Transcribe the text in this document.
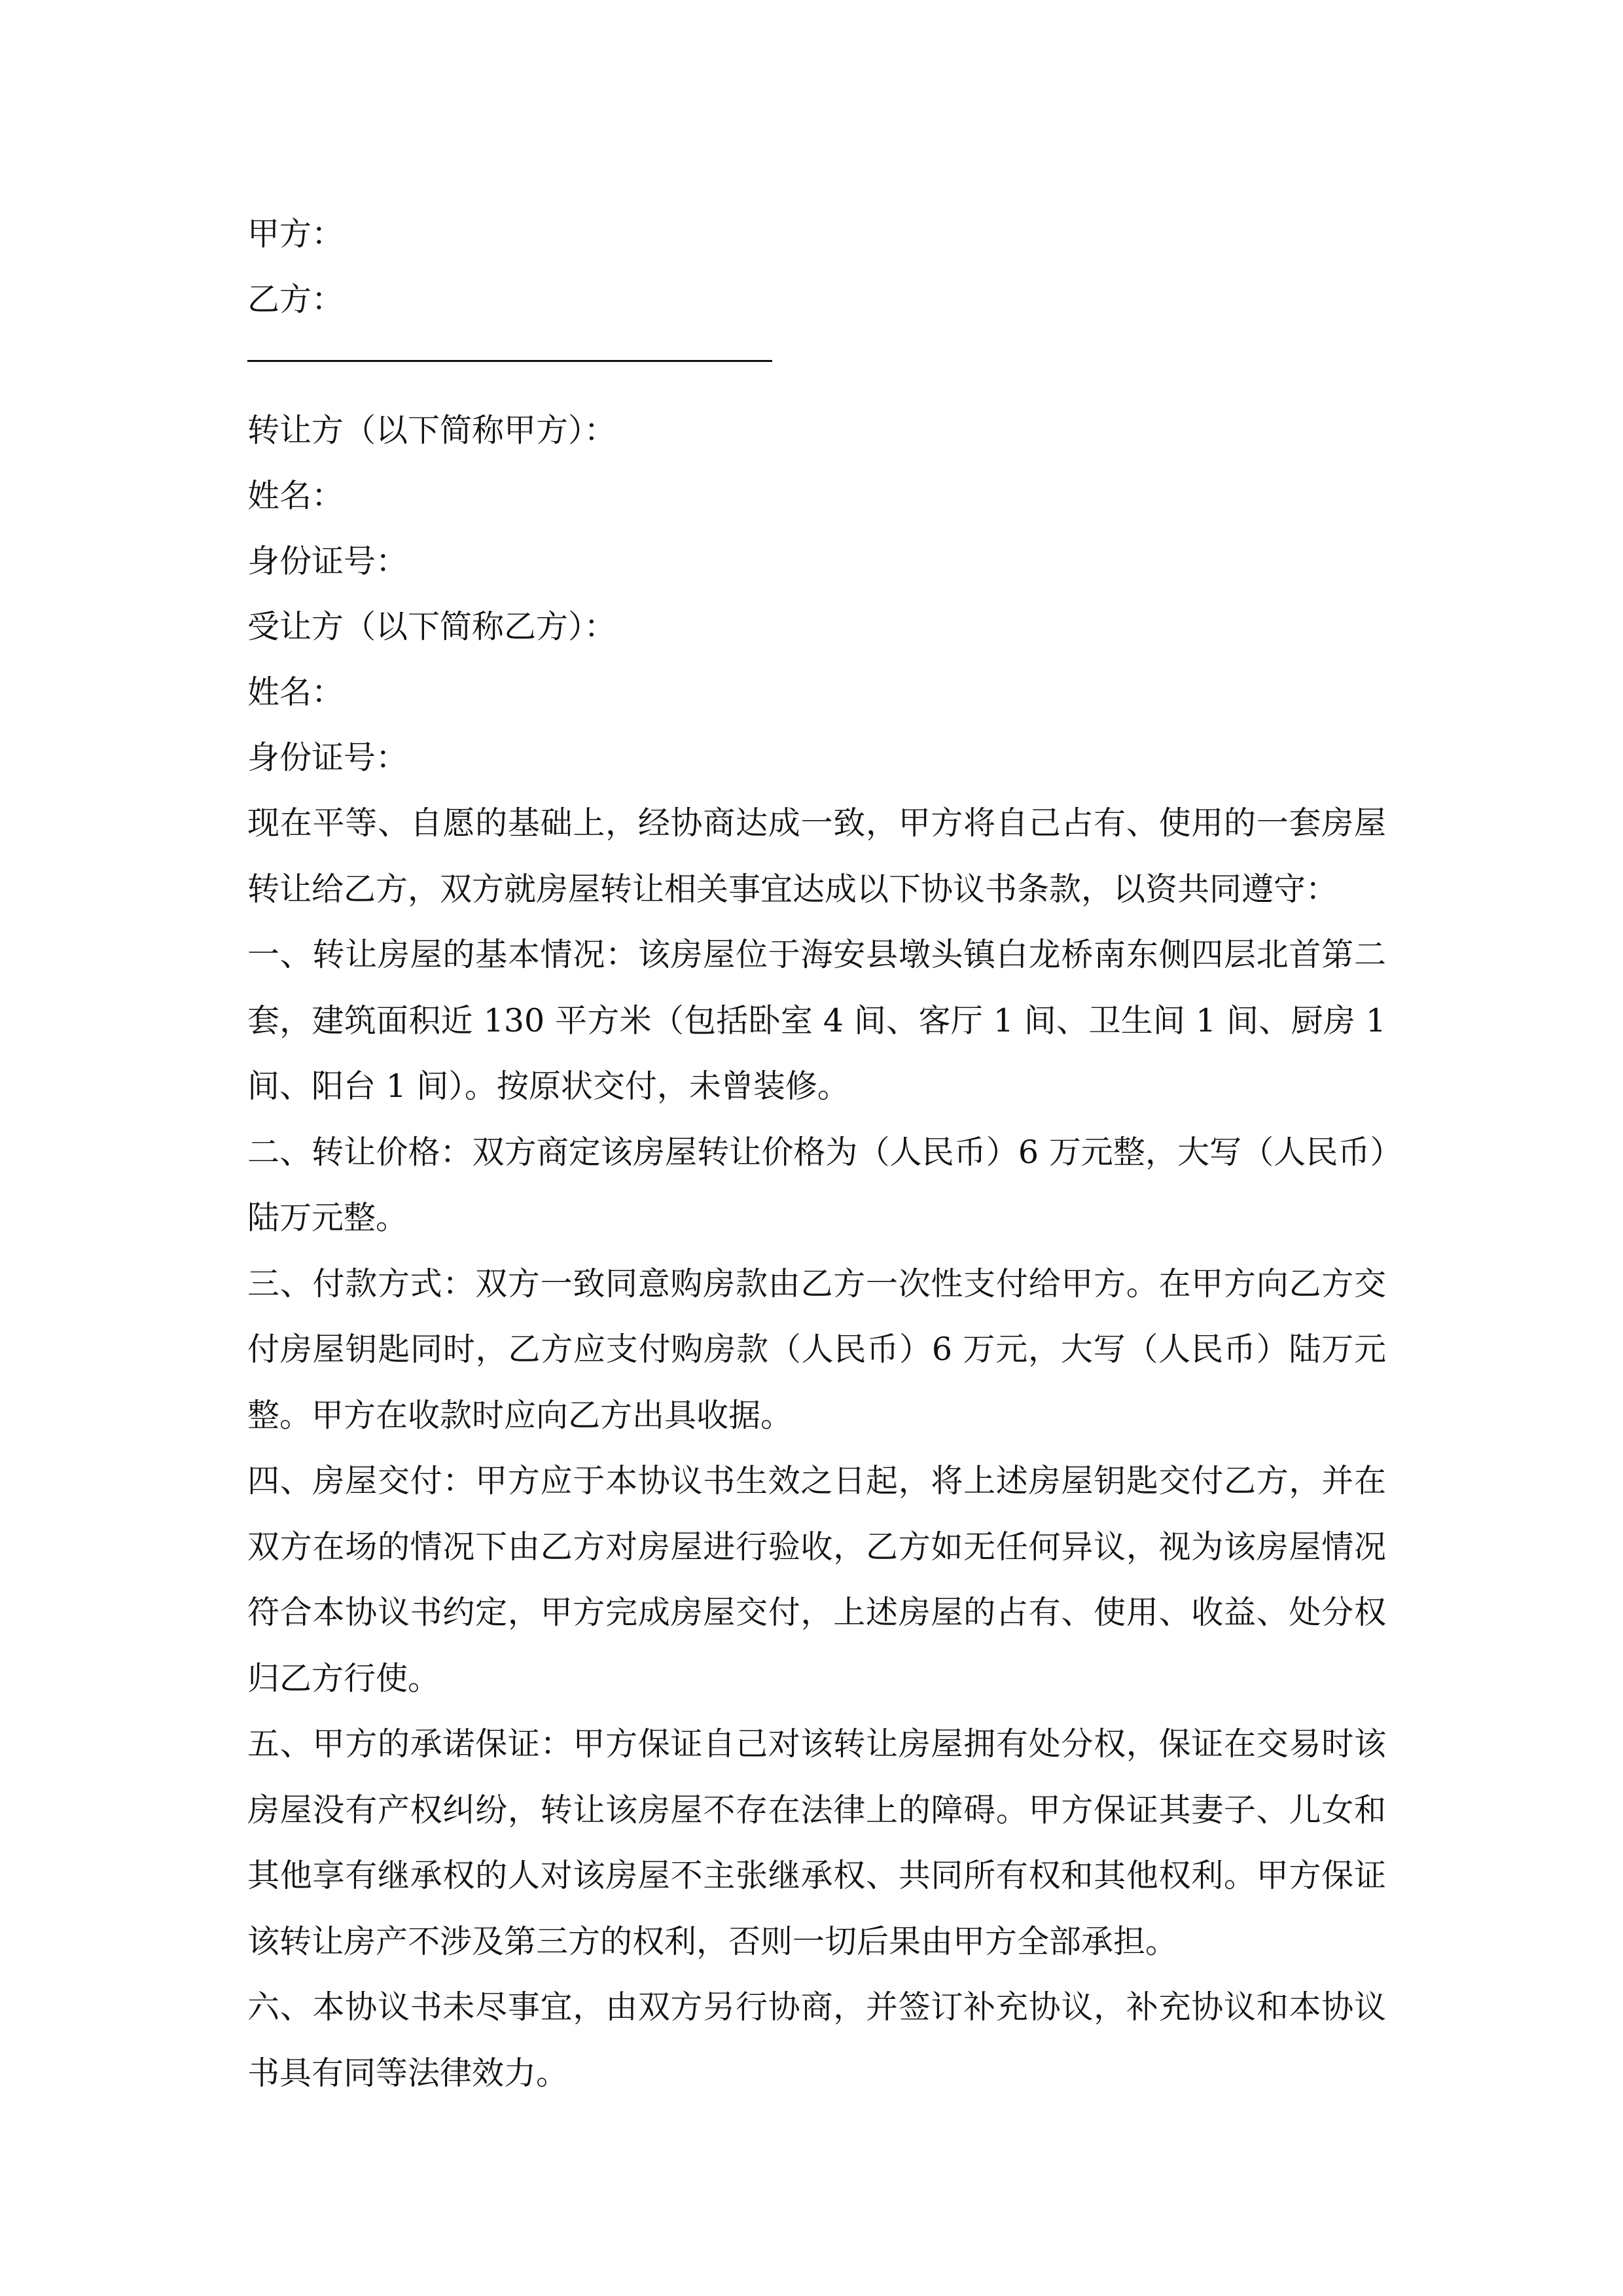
甲方：

乙方：

转让方（以下简称甲方）：

姓名：

身份证号：

受让方（以下简称乙方）：

姓名：

身份证号：

现在平等、自愿的基础上，经协商达成一致，甲方将自己占有、使用的一套房屋转让给乙方，双方就房屋转让相关事宜达成以下协议书条款，以资共同遵守：

一、转让房屋的基本情况：该房屋位于海安县墩头镇白龙桥南东侧四层北首第二套，建筑面积近 130 平方米（包括卧室 4 间、客厅 1 间、卫生间 1 间、厨房 1 间、阳台 1 间）。按原状交付，未曾装修。

二、转让价格：双方商定该房屋转让价格为（人民币）6 万元整，大写（人民币）陆万元整。

三、付款方式：双方一致同意购房款由乙方一次性支付给甲方。在甲方向乙方交付房屋钥匙同时，乙方应支付购房款（人民币）6 万元，大写（人民币）陆万元整。甲方在收款时应向乙方出具收据。

四、房屋交付：甲方应于本协议书生效之日起，将上述房屋钥匙交付乙方，并在双方在场的情况下由乙方对房屋进行验收，乙方如无任何异议，视为该房屋情况符合本协议书约定，甲方完成房屋交付，上述房屋的占有、使用、收益、处分权归乙方行使。

五、甲方的承诺保证：甲方保证自己对该转让房屋拥有处分权，保证在交易时该房屋没有产权纠纷，转让该房屋不存在法律上的障碍。甲方保证其妻子、儿女和其他享有继承权的人对该房屋不主张继承权、共同所有权和其他权利。甲方保证该转让房产不涉及第三方的权利，否则一切后果由甲方全部承担。

六、本协议书未尽事宜，由双方另行协商，并签订补充协议，补充协议和本协议书具有同等法律效力。
